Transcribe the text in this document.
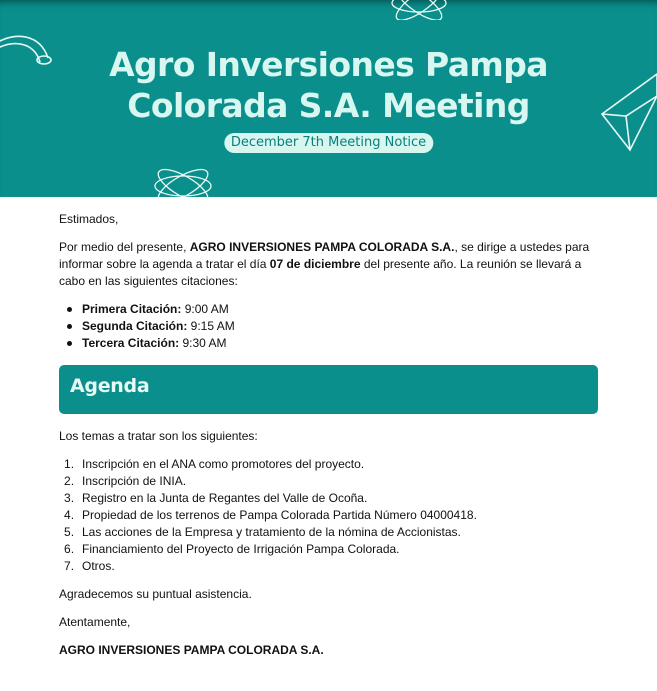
Agro Inversiones Pampa
Colorada S.A. Meeting
December 7th Meeting Notice

Estimados,

Por medio del presente, AGRO INVERSIONES PAMPA COLORADA S.A., se dirige a ustedes para informar sobre la agenda a tratar el día 07 de diciembre del presente año. La reunión se llevará a cabo en las siguientes citaciones:

Primera Citación: 9:00 AM
Segunda Citación: 9:15 AM
Tercera Citación: 9:30 AM
Agenda

Los temas a tratar son los siguientes:

Inscripción en el ANA como promotores del proyecto.
Inscripción de INIA.
Registro en la Junta de Regantes del Valle de Ocoña.
Propiedad de los terrenos de Pampa Colorada Partida Número 04000418.
Las acciones de la Empresa y tratamiento de la nómina de Accionistas.
Financiamiento del Proyecto de Irrigación Pampa Colorada.
Otros.

Agradecemos su puntual asistencia.

Atentamente,

AGRO INVERSIONES PAMPA COLORADA S.A.
